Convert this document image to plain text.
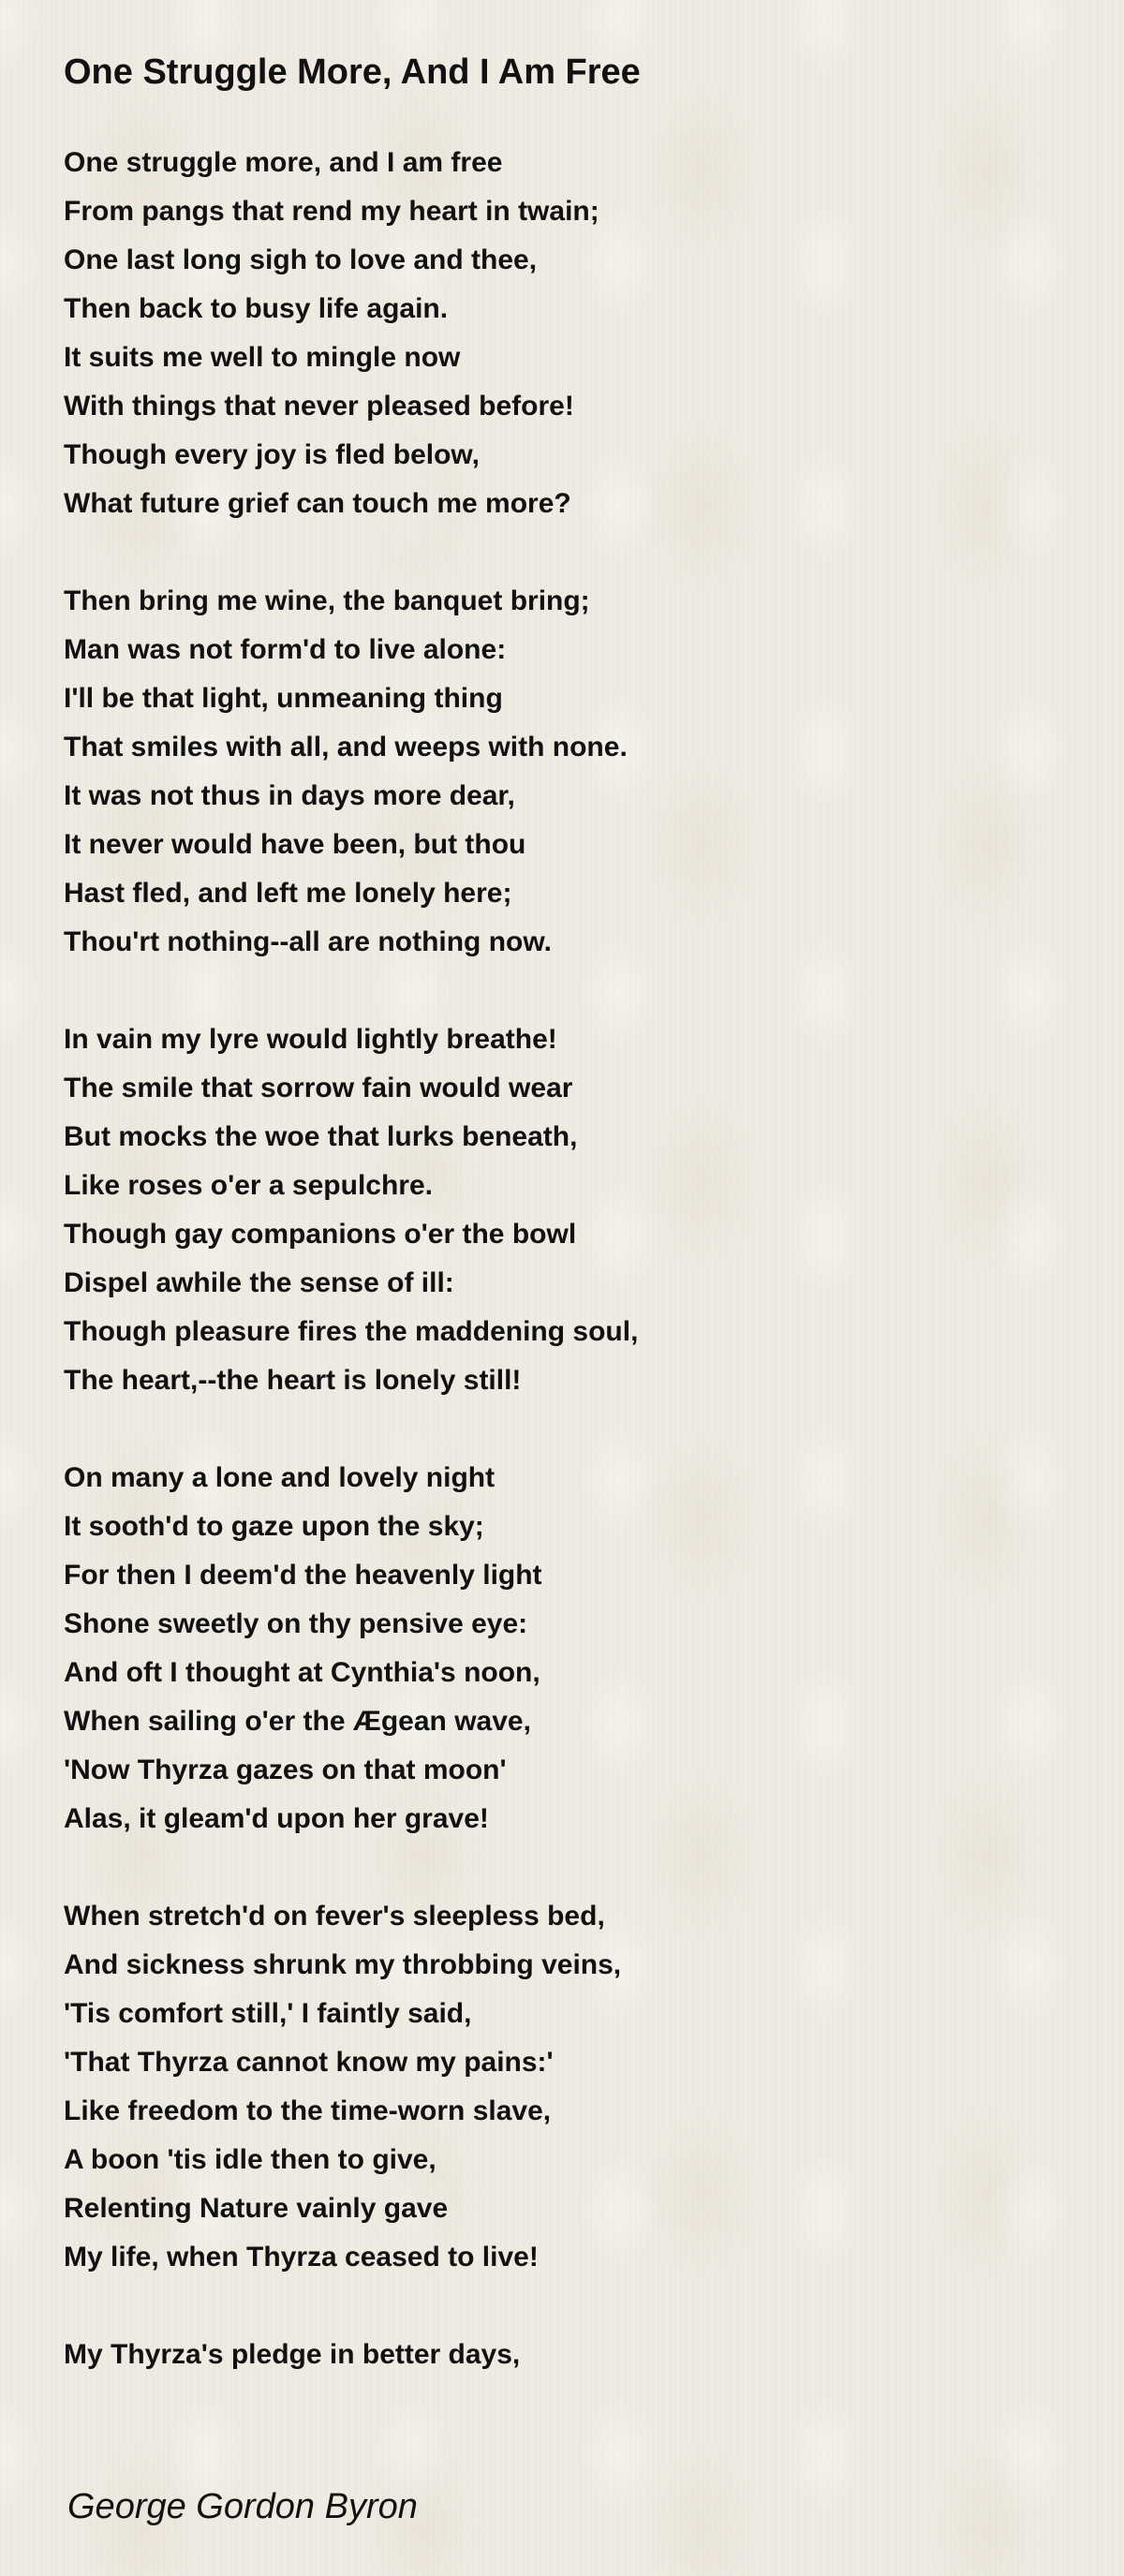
One Struggle More, And I Am Free
One struggle more, and I am free
From pangs that rend my heart in twain;
One last long sigh to love and thee,
Then back to busy life again.
It suits me well to mingle now
With things that never pleased before!
Though every joy is fled below,
What future grief can touch me more?
Then bring me wine, the banquet bring;
Man was not form'd to live alone:
I'll be that light, unmeaning thing
That smiles with all, and weeps with none.
It was not thus in days more dear,
It never would have been, but thou
Hast fled, and left me lonely here;
Thou'rt nothing--all are nothing now.
In vain my lyre would lightly breathe!
The smile that sorrow fain would wear
But mocks the woe that lurks beneath,
Like roses o'er a sepulchre.
Though gay companions o'er the bowl
Dispel awhile the sense of ill:
Though pleasure fires the maddening soul,
The heart,--the heart is lonely still!
On many a lone and lovely night
It sooth'd to gaze upon the sky;
For then I deem'd the heavenly light
Shone sweetly on thy pensive eye:
And oft I thought at Cynthia's noon,
When sailing o'er the Ægean wave,
'Now Thyrza gazes on that moon'
Alas, it gleam'd upon her grave!
When stretch'd on fever's sleepless bed,
And sickness shrunk my throbbing veins,
'Tis comfort still,' I faintly said,
'That Thyrza cannot know my pains:'
Like freedom to the time-worn slave,
A boon 'tis idle then to give,
Relenting Nature vainly gave
My life, when Thyrza ceased to live!
My Thyrza's pledge in better days,
George Gordon Byron
